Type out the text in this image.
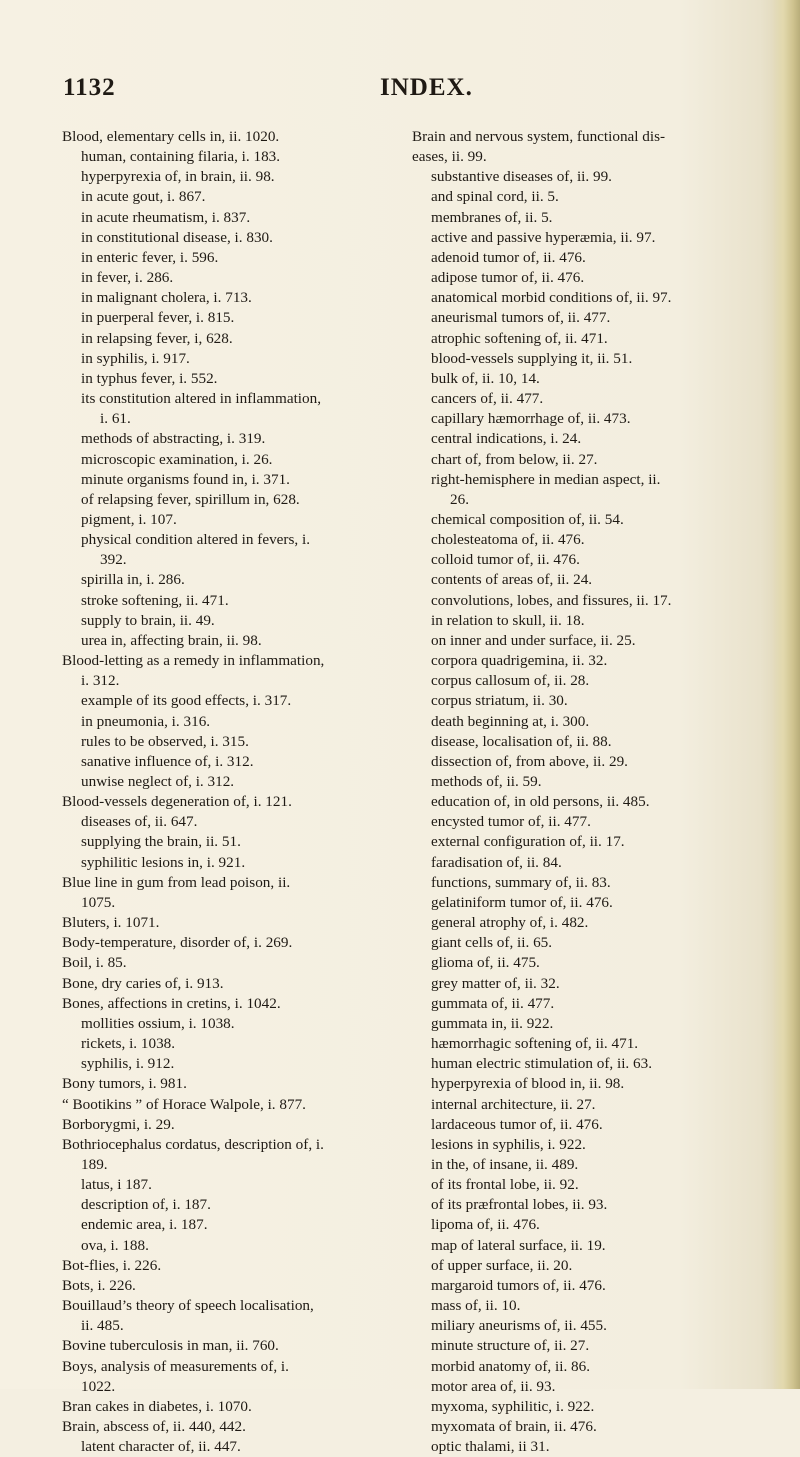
1132	INDEX.

Blood, elementary cells in, ii. 1020.

human, containing filaria, i. 183.

hyperpyrexia of, in brain, ii. 98.

in acute gout, i. 867.

in acute rheumatism, i. 837.

in constitutional disease, i. 830.

in enteric fever, i. 596.

in fever, i. 286.

in malignant cholera, i. 713.

in puerperal fever, i. 815.

in relapsing fever, i, 628.

in syphilis, i. 917.

in typhus fever, i. 552.

its constitution altered in inflammation,

i. 61.

methods of abstracting, i. 319.

microscopic examination, i. 26.

minute organisms found in, i. 371.

of relapsing fever, spirillum in, 628.

pigment, i. 107.

physical condition altered in fevers, i.

392.

spirilla in, i. 286.

stroke softening, ii. 471.

supply to brain, ii. 49.

urea in, affecting brain, ii. 98.

Blood-letting as a remedy in inflammation,

i. 312.

example of its good effects, i. 317.

in pneumonia, i. 316.

rules to be observed, i. 315.

sanative influence of, i. 312.

unwise neglect of, i. 312.

Blood-vessels degeneration of, i. 121.

diseases of, ii. 647.

supplying the brain, ii. 51.

syphilitic lesions in, i. 921.

Blue line in gum from lead poison, ii.

1075.

Bluters, i. 1071.

Body-temperature, disorder of, i. 269.

Boil, i. 85.

Bone, dry caries of, i. 913.

Bones, affections in cretins, i. 1042.

mollities ossium, i. 1038.

rickets, i. 1038.

syphilis, i. 912.

Bony tumors, i. 981.

“ Bootikins ” of Horace Walpole, i. 877.

Borborygmi, i. 29.

Bothriocephalus cordatus, description of, i.

189.

latus, i 187.

description of, i. 187.

endemic area, i. 187.

ova, i. 188.

Bot-flies, i. 226.

Bots, i. 226.

Bouillaud’s theory of speech localisation,

ii. 485.

Bovine tuberculosis in man, ii. 760.

Boys, analysis of measurements of, i.

1022.

Bran cakes in diabetes, i. 1070.

Brain, abscess of, ii. 440, 442.

latent character of, ii. 447.

Brain and nervous system, functional dis-

eases, ii. 99.

substantive diseases of, ii. 99.

and spinal cord, ii. 5.

membranes of, ii. 5.

active and passive hyperæmia, ii. 97.

adenoid tumor of, ii. 476.

adipose tumor of, ii. 476.

anatomical morbid conditions of, ii. 97.

aneurismal tumors of, ii. 477.

atrophic softening of, ii. 471.

blood-vessels supplying it, ii. 51.

bulk of, ii. 10, 14.

cancers of, ii. 477.

capillary hæmorrhage of, ii. 473.

central indications, i. 24.

chart of, from below, ii. 27.

right-hemisphere in median aspect, ii.

26.

chemical composition of, ii. 54.

cholesteatoma of, ii. 476.

colloid tumor of, ii. 476.

contents of areas of, ii. 24.

convolutions, lobes, and fissures, ii. 17.

in relation to skull, ii. 18.

on inner and under surface, ii. 25.

corpora quadrigemina, ii. 32.

corpus callosum of, ii. 28.

corpus striatum, ii. 30.

death beginning at, i. 300.

disease, localisation of, ii. 88.

dissection of, from above, ii. 29.

methods of, ii. 59.

education of, in old persons, ii. 485.

encysted tumor of, ii. 477.

external configuration of, ii. 17.

faradisation of, ii. 84.

functions, summary of, ii. 83.

gelatiniform tumor of, ii. 476.

general atrophy of, i. 482.

giant cells of, ii. 65.

glioma of, ii. 475.

grey matter of, ii. 32.

gummata of, ii. 477.

gummata in, ii. 922.

hæmorrhagic softening of, ii. 471.

human electric stimulation of, ii. 63.

hyperpyrexia of blood in, ii. 98.

internal architecture, ii. 27.

lardaceous tumor of, ii. 476.

lesions in syphilis, i. 922.

in the, of insane, ii. 489.

of its frontal lobe, ii. 92.

of its præfrontal lobes, ii. 93.

lipoma of, ii. 476.

map of lateral surface, ii. 19.

of upper surface, ii. 20.

margaroid tumors of, ii. 476.

mass of, ii. 10.

miliary aneurisms of, ii. 455.

minute structure of, ii. 27.

morbid anatomy of, ii. 86.

motor area of, ii. 93.

myxoma, syphilitic, i. 922.

myxomata of brain, ii. 476.

optic thalami, ii 31.
